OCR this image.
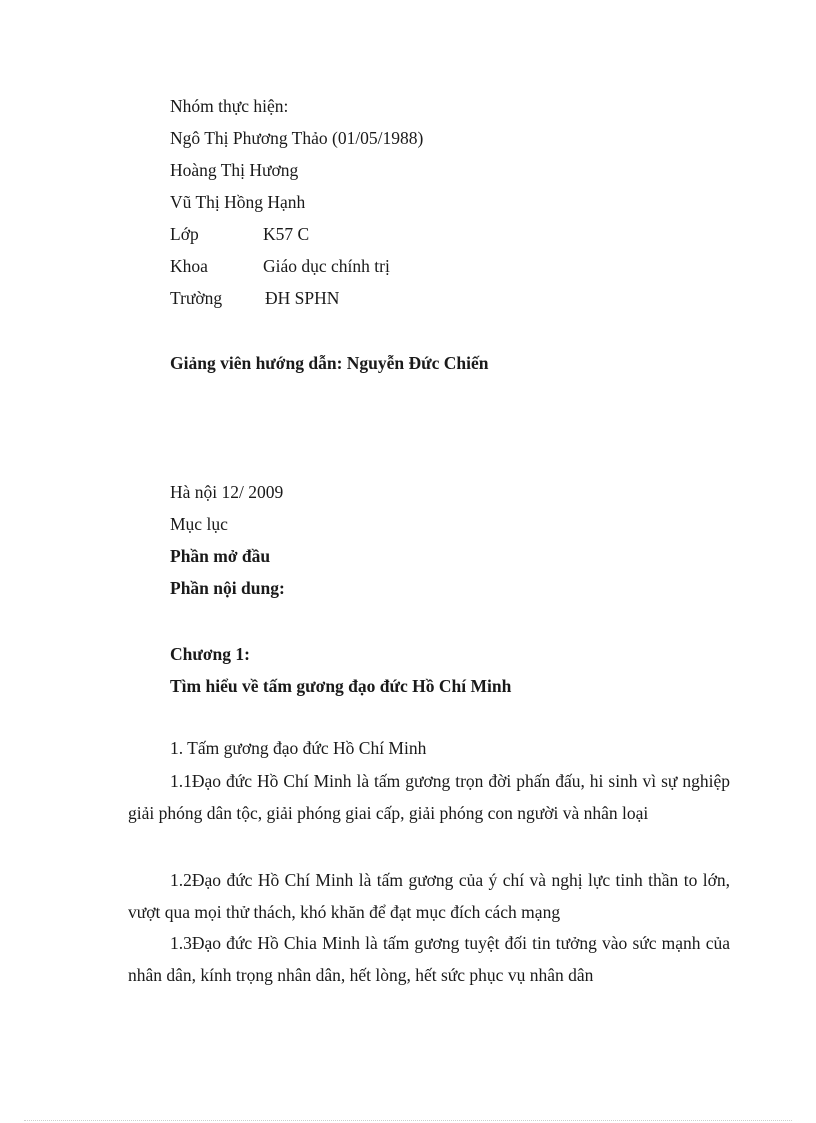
Nhóm thực hiện:
Ngô Thị Phương Thảo (01/05/1988)
Hoàng Thị Hương
Vũ Thị Hồng Hạnh
Lớp	K57 C
Khoa	Giáo dục chính trị
Trường ĐH SPHN
Giảng viên hướng dẫn: Nguyễn Đức Chiến
Hà nội 12/ 2009
Mục lục
Phần mở đầu
Phần nội dung:
Chương 1:
Tìm hiểu về tấm gương đạo đức Hồ Chí Minh
1. Tấm gương đạo đức Hồ Chí Minh
1.1Đạo đức Hồ Chí Minh là tấm gương trọn đời phấn đấu, hi sinh vì sự nghiệp giải phóng dân tộc, giải phóng giai cấp, giải phóng con người và nhân loại
1.2Đạo đức Hồ Chí Minh là tấm gương của ý chí và nghị lực tinh thần to lớn, vượt qua mọi thử thách, khó khăn để đạt mục đích cách mạng
1.3Đạo đức Hồ Chia Minh là tấm gương tuyệt đối tin tưởng vào sức mạnh của nhân dân, kính trọng nhân dân, hết lòng, hết sức phục vụ nhân dân
